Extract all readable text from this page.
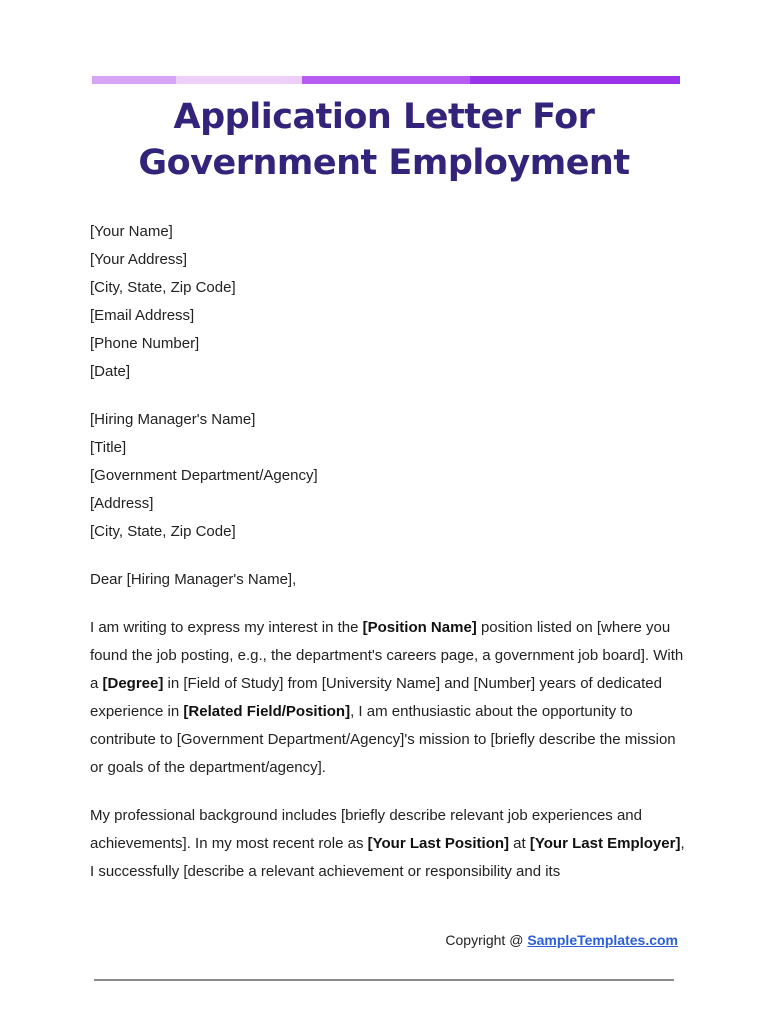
Application Letter For Government Employment
[Your Name]
[Your Address]
[City, State, Zip Code]
[Email Address]
[Phone Number]
[Date]
[Hiring Manager's Name]
[Title]
[Government Department/Agency]
[Address]
[City, State, Zip Code]

Dear [Hiring Manager's Name],

I am writing to express my interest in the [Position Name] position listed on [where you found the job posting, e.g., the department's careers page, a government job board]. With a [Degree] in [Field of Study] from [University Name] and [Number] years of dedicated experience in [Related Field/Position], I am enthusiastic about the opportunity to contribute to [Government Department/Agency]'s mission to [briefly describe the mission or goals of the department/agency].

My professional background includes [briefly describe relevant job experiences and achievements]. In my most recent role as [Your Last Position] at [Your Last Employer], I successfully [describe a relevant achievement or responsibility and its

Copyright @ SampleTemplates.com
